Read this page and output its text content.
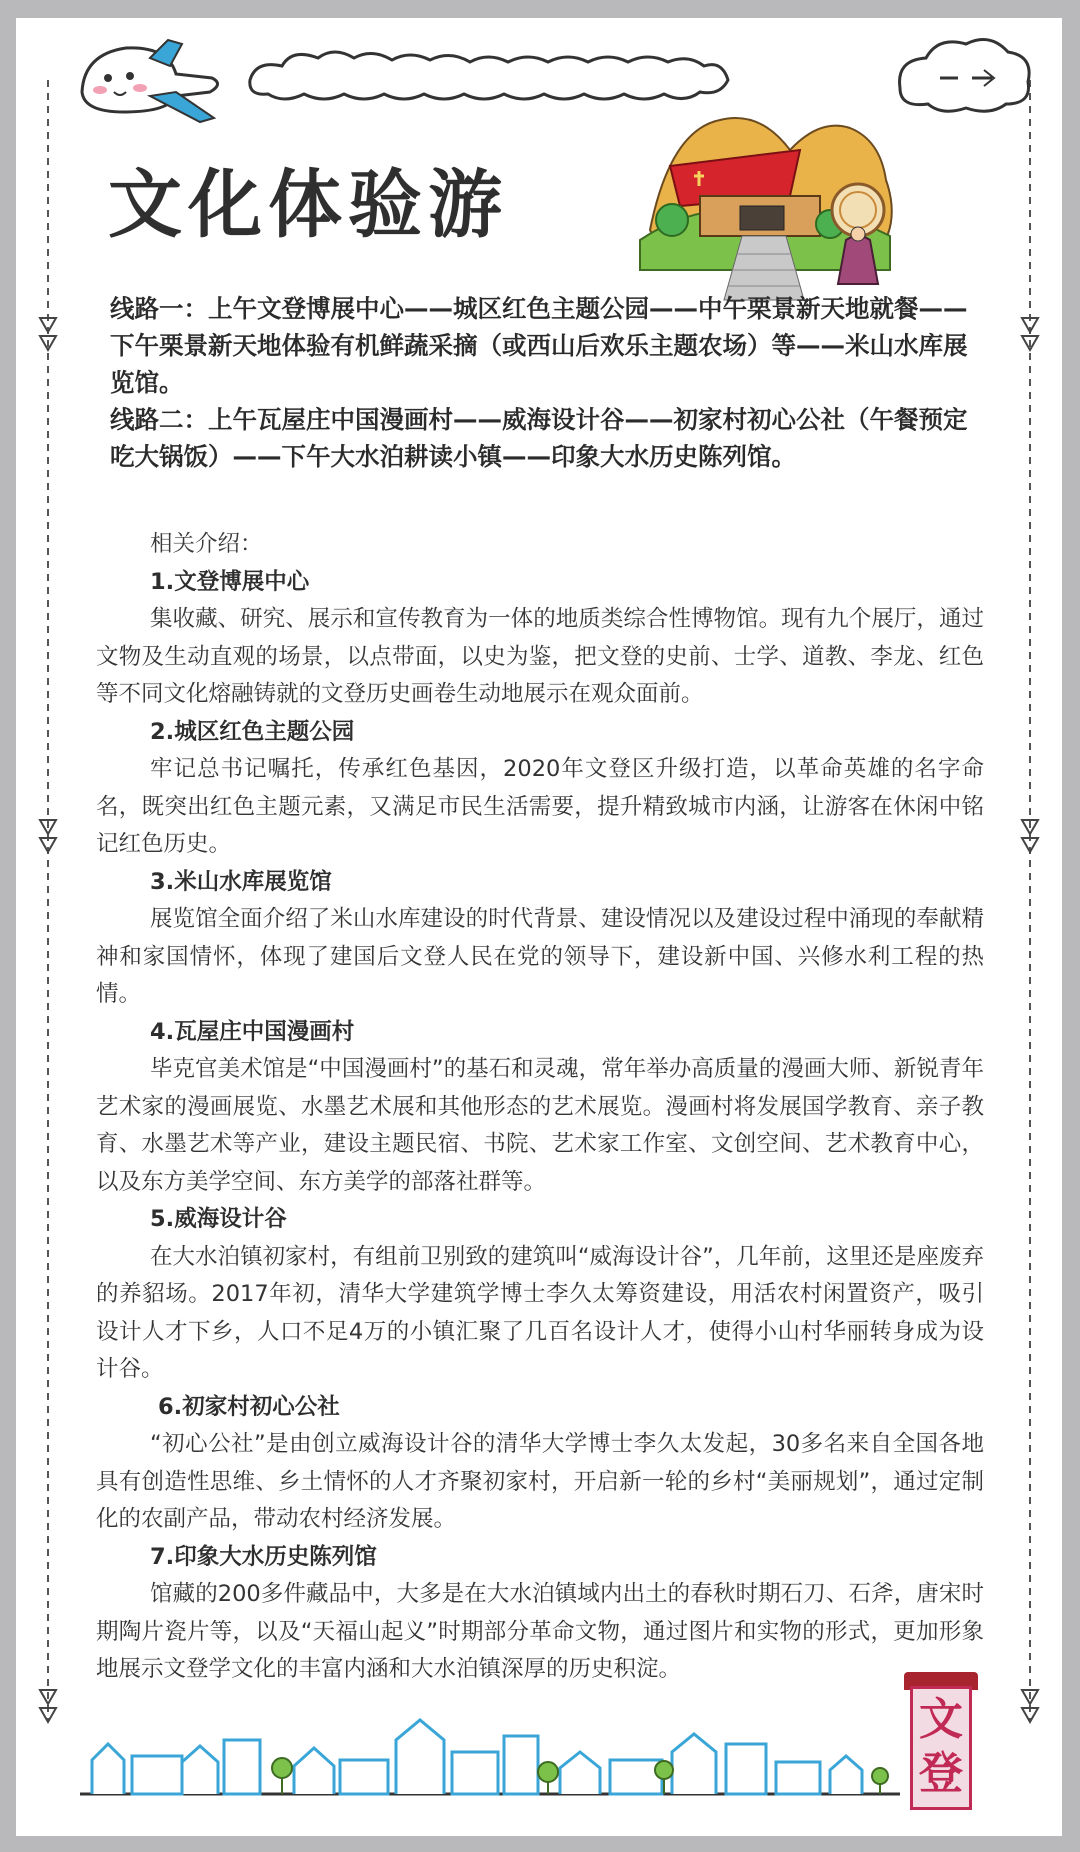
文化体验游

线路一：上午文登博展中心——城区红色主题公园——中午栗景新天地就餐——下午栗景新天地体验有机鲜蔬采摘（或西山后欢乐主题农场）等——米山水库展览馆。

线路二：上午瓦屋庄中国漫画村——威海设计谷——初家村初心公社（午餐预定吃大锅饭）——下午大水泊耕读小镇——印象大水历史陈列馆。

相关介绍：

1.文登博展中心

集收藏、研究、展示和宣传教育为一体的地质类综合性博物馆。现有九个展厅，通过文物及生动直观的场景，以点带面，以史为鉴，把文登的史前、士学、道教、李龙、红色等不同文化熔融铸就的文登历史画卷生动地展示在观众面前。

2.城区红色主题公园

牢记总书记嘱托，传承红色基因，2020年文登区升级打造，以革命英雄的名字命名，既突出红色主题元素，又满足市民生活需要，提升精致城市内涵，让游客在休闲中铭记红色历史。

3.米山水库展览馆

展览馆全面介绍了米山水库建设的时代背景、建设情况以及建设过程中涌现的奉献精神和家国情怀，体现了建国后文登人民在党的领导下，建设新中国、兴修水利工程的热情。

4.瓦屋庄中国漫画村

毕克官美术馆是“中国漫画村”的基石和灵魂，常年举办高质量的漫画大师、新锐青年艺术家的漫画展览、水墨艺术展和其他形态的艺术展览。漫画村将发展国学教育、亲子教育、水墨艺术等产业，建设主题民宿、书院、艺术家工作室、文创空间、艺术教育中心，以及东方美学空间、东方美学的部落社群等。

5.威海设计谷

在大水泊镇初家村，有组前卫别致的建筑叫“威海设计谷”，几年前，这里还是座废弃的养貂场。2017年初，清华大学建筑学博士李久太筹资建设，用活农村闲置资产，吸引设计人才下乡，人口不足4万的小镇汇聚了几百名设计人才，使得小山村华丽转身成为设计谷。

6.初家村初心公社

“初心公社”是由创立威海设计谷的清华大学博士李久太发起，30多名来自全国各地具有创造性思维、乡土情怀的人才齐聚初家村，开启新一轮的乡村“美丽规划”，通过定制化的农副产品，带动农村经济发展。

7.印象大水历史陈列馆

馆藏的200多件藏品中，大多是在大水泊镇域内出土的春秋时期石刀、石斧，唐宋时期陶片瓷片等，以及“天福山起义”时期部分革命文物，通过图片和实物的形式，更加形象地展示文登学文化的丰富内涵和大水泊镇深厚的历史积淀。

文
登
